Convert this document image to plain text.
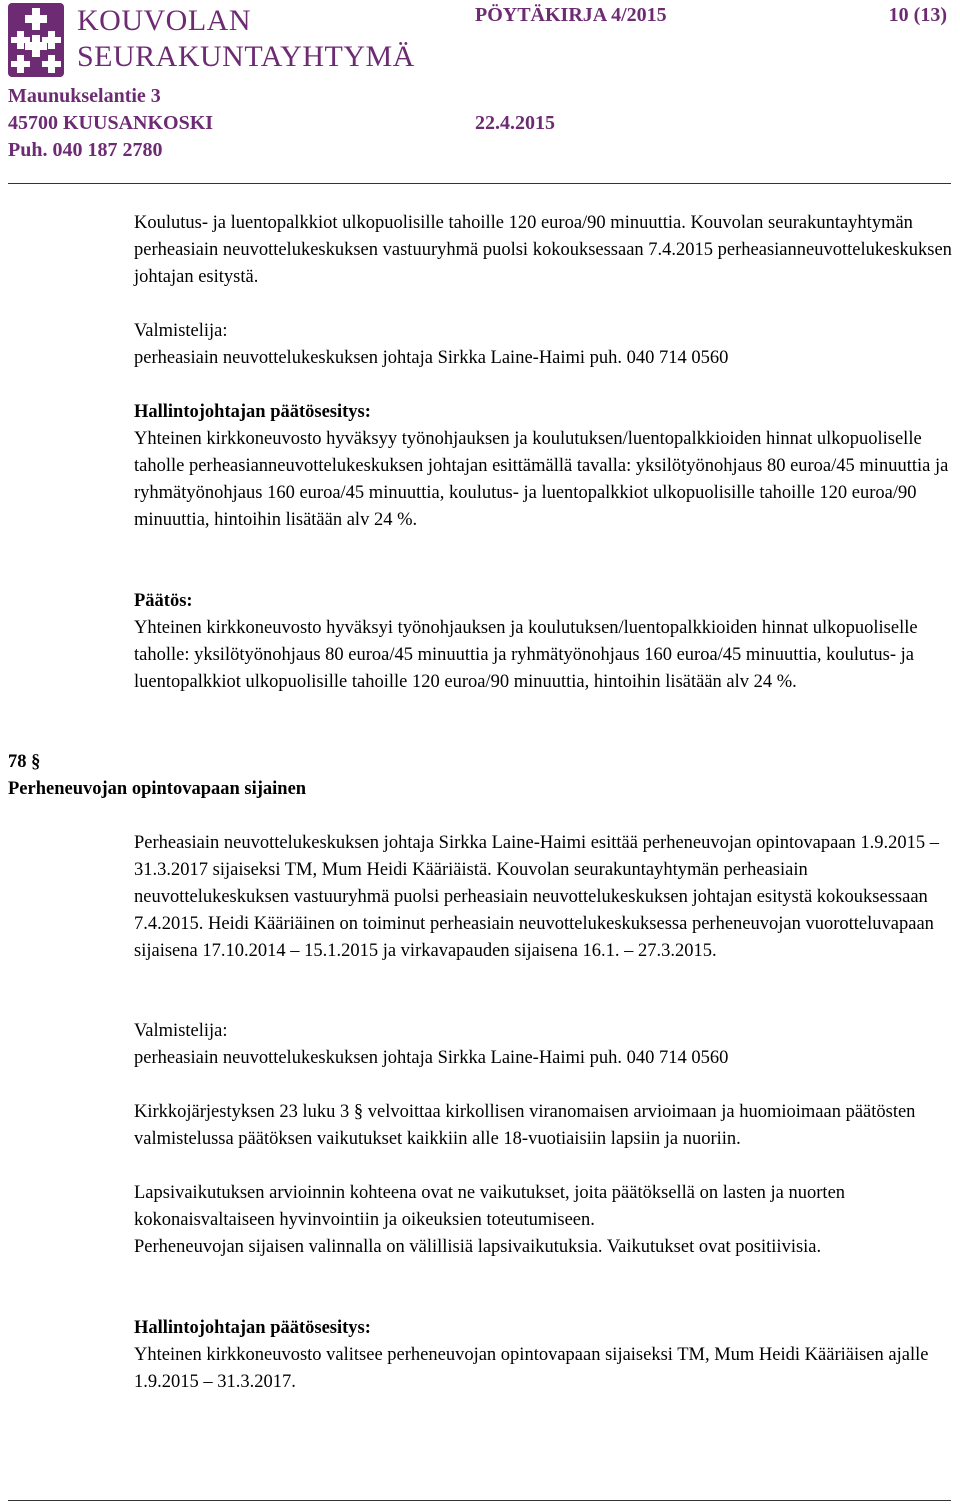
KOUVOLAN
SEURAKUNTAYHTYMÄ
PÖYTÄKIRJA 4/2015	10 (13)
Maunukselantie 3
45700 KUUSANKOSKI
Puh. 040 187 2780
22.4.2015

Koulutus- ja luentopalkkiot ulkopuolisille tahoille 120 euroa/90 minuuttia. Kouvolan seurakuntayhtymän perheasiain neuvottelukeskuksen vastuuryhmä puolsi kokouksessaan 7.4.2015 perheasianneuvottelukeskuksen johtajan esitystä.

Valmistelija:

perheasiain neuvottelukeskuksen johtaja Sirkka Laine-Haimi puh. 040 714 0560

Hallintojohtajan päätösesitys:

Yhteinen kirkkoneuvosto hyväksyy työnohjauksen ja koulutuksen/luentopalkkioiden hinnat ulkopuoliselle taholle perheasianneuvottelukeskuksen johtajan esittämällä tavalla: yksilötyönohjaus 80 euroa/45 minuuttia ja ryhmätyönohjaus 160 euroa/45 minuuttia, koulutus- ja luentopalkkiot ulkopuolisille tahoille 120 euroa/90 minuuttia, hintoihin lisätään alv 24 %.

Päätös:

Yhteinen kirkkoneuvosto hyväksyi työnohjauksen ja koulutuksen/luentopalkkioiden hinnat ulkopuoliselle taholle: yksilötyönohjaus 80 euroa/45 minuuttia ja ryhmätyönohjaus 160 euroa/45 minuuttia, koulutus- ja luentopalkkiot ulkopuolisille tahoille 120 euroa/90 minuuttia, hintoihin lisätään alv 24 %.

78 §
Perheneuvojan opintovapaan sijainen

Perheasiain neuvottelukeskuksen johtaja Sirkka Laine-Haimi esittää perheneuvojan opintovapaan 1.9.2015 – 31.3.2017 sijaiseksi TM, Mum Heidi Kääriäistä. Kouvolan seurakuntayhtymän perheasiain neuvottelukeskuksen vastuuryhmä puolsi perheasiain neuvottelukeskuksen johtajan esitystä kokouksessaan 7.4.2015. Heidi Kääriäinen on toiminut perheasiain neuvottelukeskuksessa perheneuvojan vuorotteluvapaan sijaisena 17.10.2014 – 15.1.2015 ja virkavapauden sijaisena 16.1. – 27.3.2015.

Valmistelija:

perheasiain neuvottelukeskuksen johtaja Sirkka Laine-Haimi puh. 040 714 0560

Kirkkojärjestyksen 23 luku 3 § velvoittaa kirkollisen viranomaisen arvioimaan ja huomioimaan päätösten valmistelussa päätöksen vaikutukset kaikkiin alle 18-vuotiaisiin lapsiin ja nuoriin.

Lapsivaikutuksen arvioinnin kohteena ovat ne vaikutukset, joita päätöksellä on lasten ja nuorten kokonaisvaltaiseen hyvinvointiin ja oikeuksien toteutumiseen.

Perheneuvojan sijaisen valinnalla on välillisiä lapsivaikutuksia. Vaikutukset ovat positiivisia.

Hallintojohtajan päätösesitys:

Yhteinen kirkkoneuvosto valitsee perheneuvojan opintovapaan sijaiseksi TM, Mum Heidi Kääriäisen ajalle 1.9.2015 – 31.3.2017.
